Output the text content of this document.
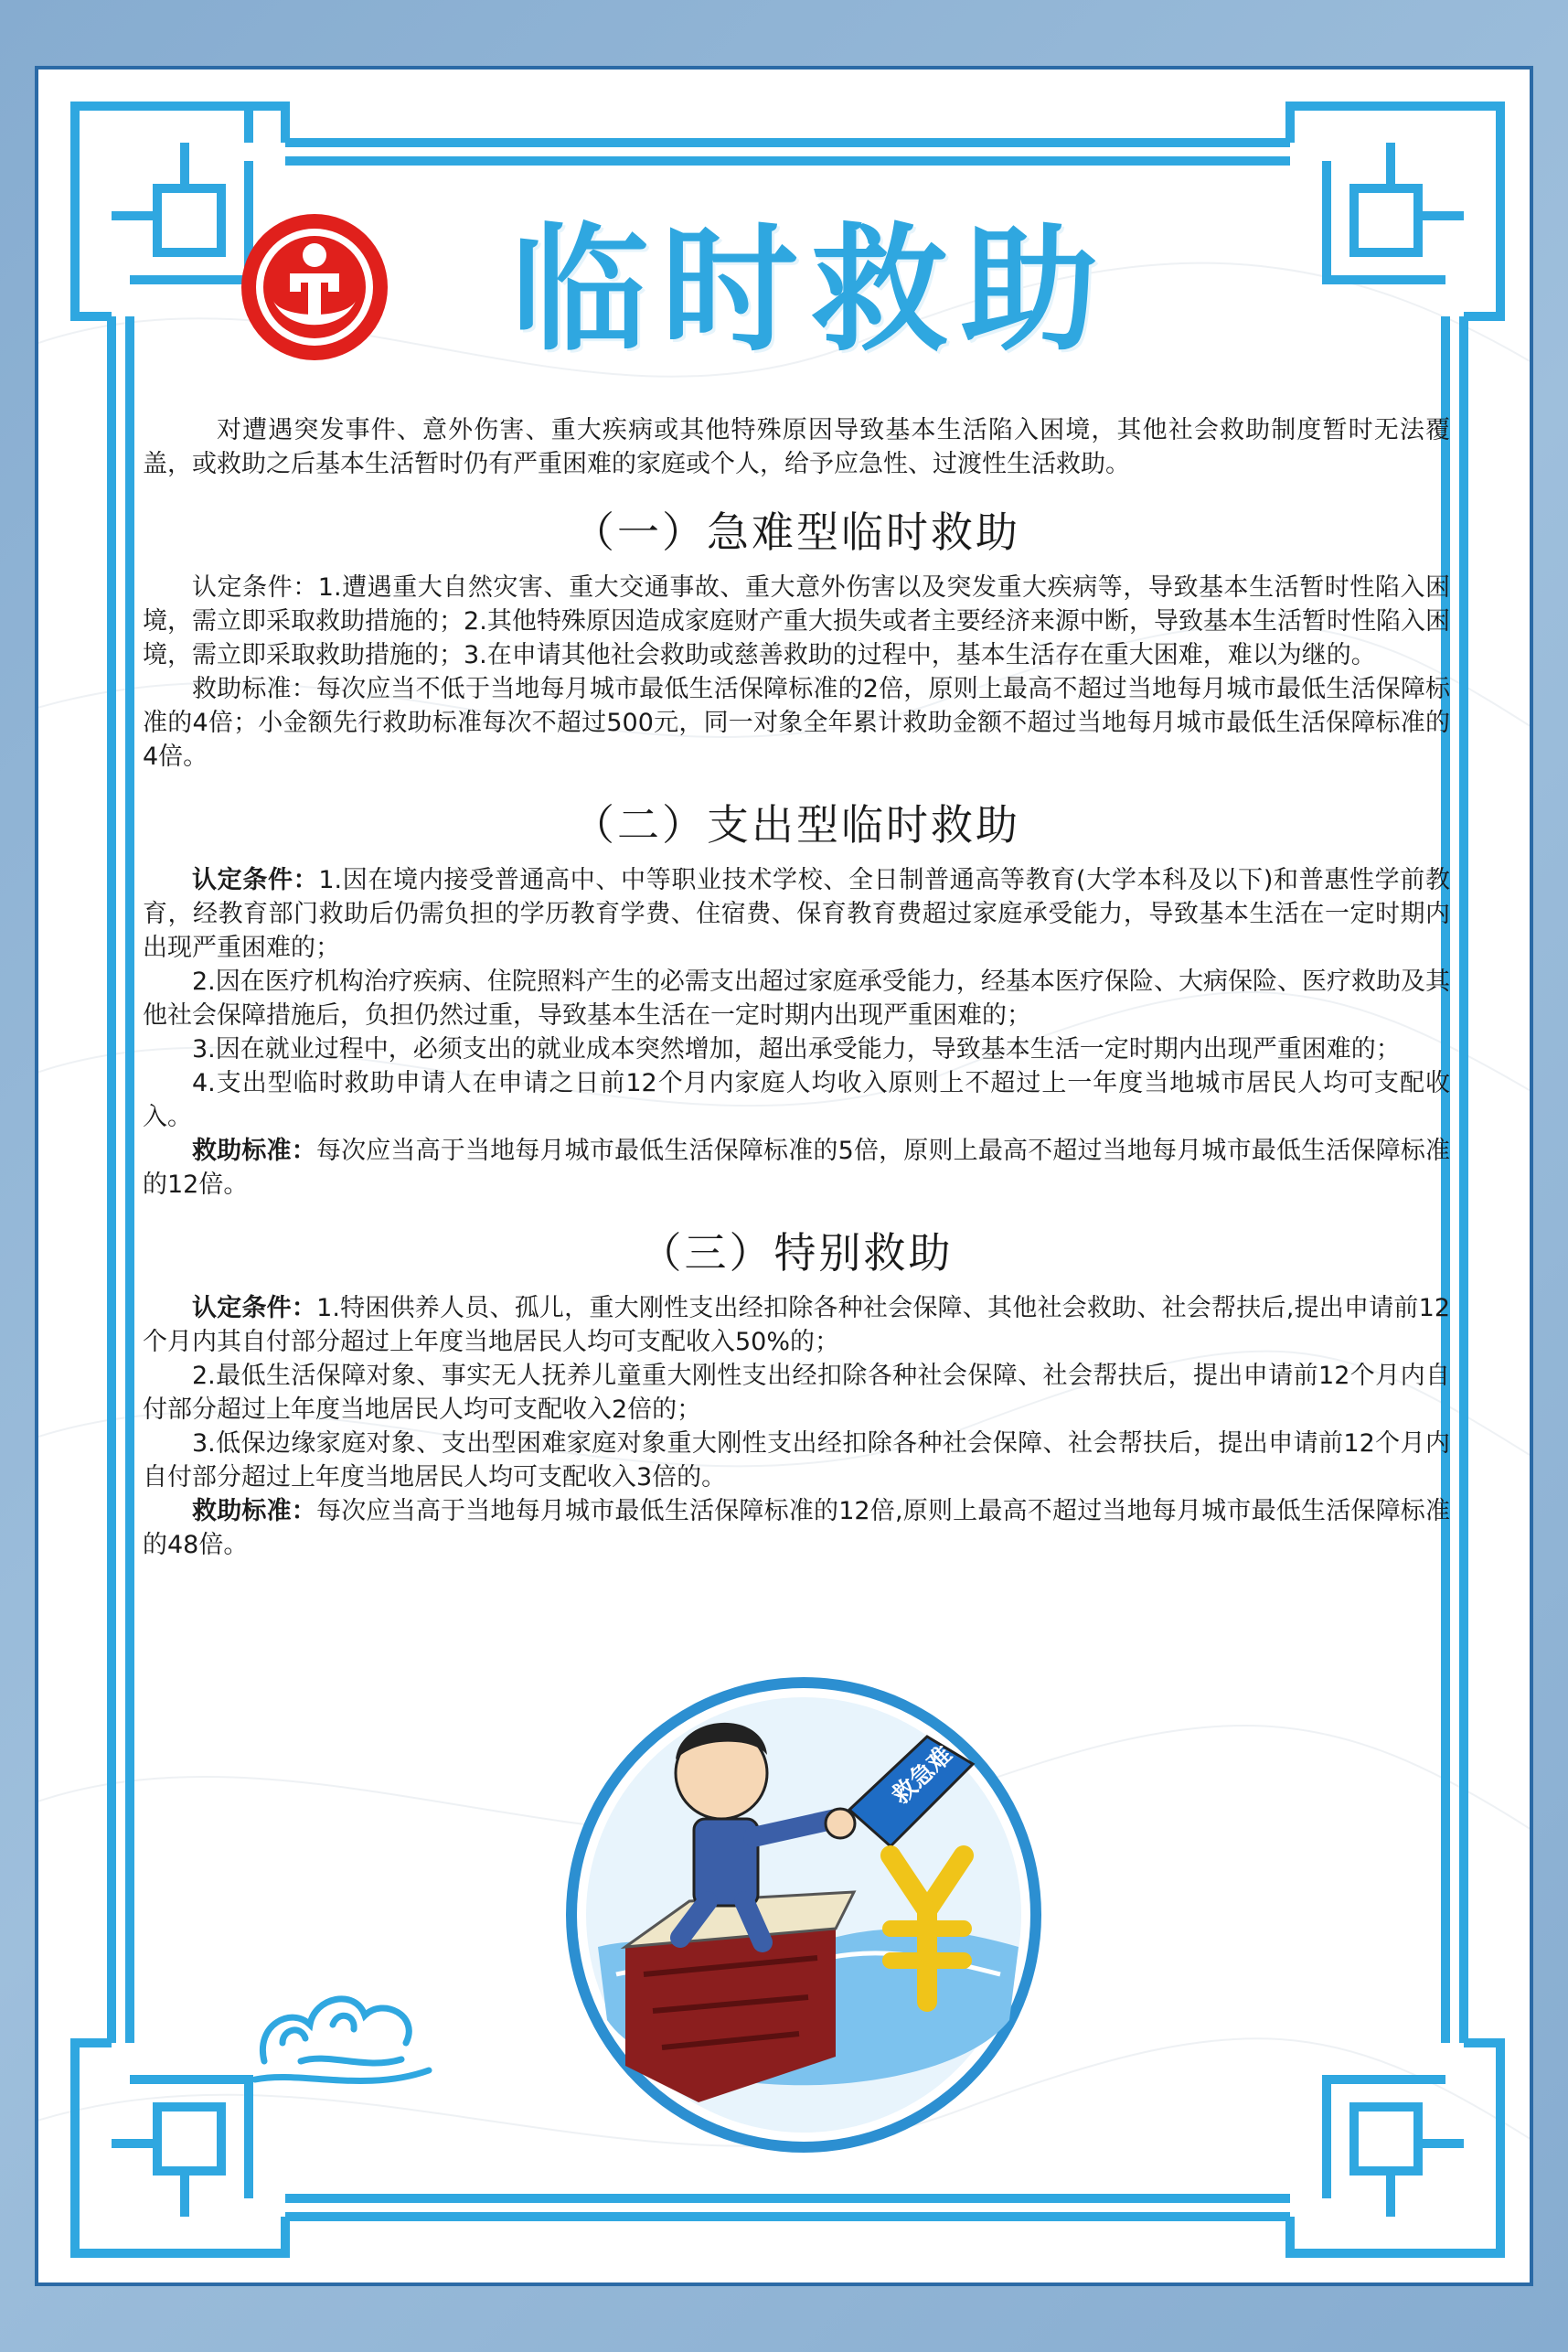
临时救助

对遭遇突发事件、意外伤害、重大疾病或其他特殊原因导致基本生活陷入困境，其他社会救助制度暂时无法覆盖，或救助之后基本生活暂时仍有严重困难的家庭或个人，给予应急性、过渡性生活救助。

（一）急难型临时救助

认定条件：1.遭遇重大自然灾害、重大交通事故、重大意外伤害以及突发重大疾病等，导致基本生活暂时性陷入困境，需立即采取救助措施的；2.其他特殊原因造成家庭财产重大损失或者主要经济来源中断，导致基本生活暂时性陷入困境，需立即采取救助措施的；3.在申请其他社会救助或慈善救助的过程中，基本生活存在重大困难，难以为继的。

救助标准：每次应当不低于当地每月城市最低生活保障标准的2倍，原则上最高不超过当地每月城市最低生活保障标准的4倍；小金额先行救助标准每次不超过500元，同一对象全年累计救助金额不超过当地每月城市最低生活保障标准的4倍。

（二）支出型临时救助

认定条件：1.因在境内接受普通高中、中等职业技术学校、全日制普通高等教育(大学本科及以下)和普惠性学前教育，经教育部门救助后仍需负担的学历教育学费、住宿费、保育教育费超过家庭承受能力，导致基本生活在一定时期内出现严重困难的；

2.因在医疗机构治疗疾病、住院照料产生的必需支出超过家庭承受能力，经基本医疗保险、大病保险、医疗救助及其他社会保障措施后，负担仍然过重，导致基本生活在一定时期内出现严重困难的；

3.因在就业过程中，必须支出的就业成本突然增加，超出承受能力，导致基本生活一定时期内出现严重困难的；

4.支出型临时救助申请人在申请之日前12个月内家庭人均收入原则上不超过上一年度当地城市居民人均可支配收入。

救助标准：每次应当高于当地每月城市最低生活保障标准的5倍，原则上最高不超过当地每月城市最低生活保障标准的12倍。

（三）特别救助

认定条件：1.特困供养人员、孤儿，重大刚性支出经扣除各种社会保障、其他社会救助、社会帮扶后,提出申请前12个月内其自付部分超过上年度当地居民人均可支配收入50%的；

2.最低生活保障对象、事实无人抚养儿童重大刚性支出经扣除各种社会保障、社会帮扶后，提出申请前12个月内自付部分超过上年度当地居民人均可支配收入2倍的；

3.低保边缘家庭对象、支出型困难家庭对象重大刚性支出经扣除各种社会保障、社会帮扶后，提出申请前12个月内自付部分超过上年度当地居民人均可支配收入3倍的。

救助标准：每次应当高于当地每月城市最低生活保障标准的12倍,原则上最高不超过当地每月城市最低生活保障标准的48倍。

救急难
